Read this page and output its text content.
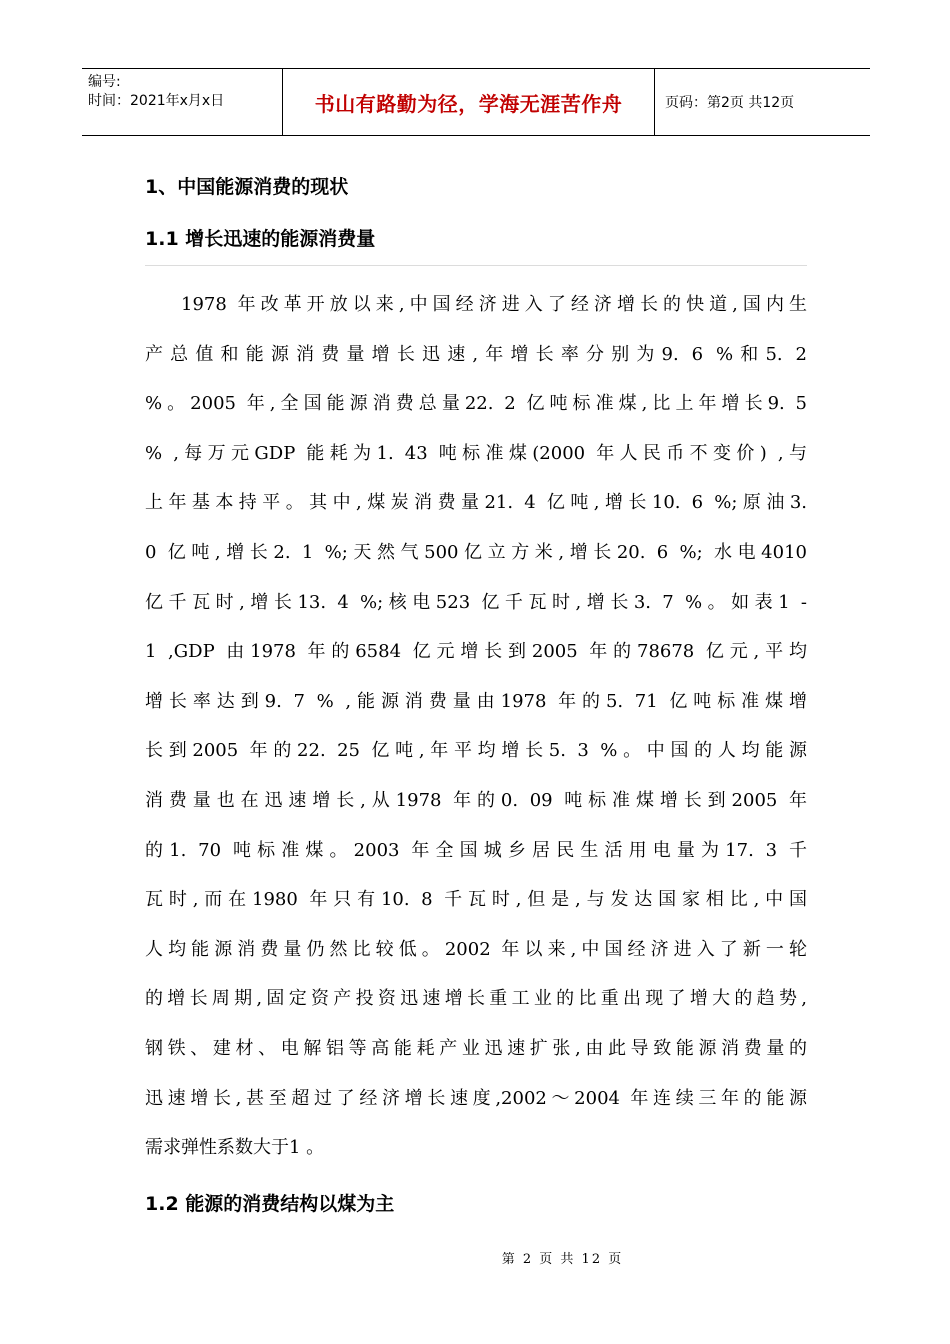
编号:
时间：2021年x月x日	书山有路勤为径，学海无涯苦作舟	页码：第2页 共12页
1、中国能源消费的现状
1.1 增长迅速的能源消费量
1978 年改革开放以来,中国经济进入了经济增长的快道,国内生
产总值和能源消费量增长迅速,年增长率分别为9. 6 %和5. 2
%。2005 年,全国能源消费总量22. 2 亿吨标准煤,比上年增长9. 5
% ,每万元GDP 能耗为1. 43 吨标准煤(2000 年人民币不变价) ,与
上年基本持平。其中,煤炭消费量21. 4 亿吨,增长10. 6 %;原油3.
0 亿吨,增长2. 1 %;天然气500亿立方米,增长20. 6 %; 水电4010
亿千瓦时,增长13. 4 %;核电523 亿千瓦时,增长3. 7 %。如表1 -
1 ,GDP 由1978 年的6584 亿元增长到2005 年的78678 亿元,平均
增长率达到9. 7 % ,能源消费量由1978 年的5. 71 亿吨标准煤增
长到2005 年的22. 25 亿吨,年平均增长5. 3 %。中国的人均能源
消费量也在迅速增长,从1978 年的0. 09 吨标准煤增长到2005 年
的1. 70 吨标准煤。2003 年全国城乡居民生活用电量为17. 3 千
瓦时,而在1980 年只有10. 8 千瓦时,但是,与发达国家相比,中国
人均能源消费量仍然比较低。2002 年以来,中国经济进入了新一轮
的增长周期,固定资产投资迅速增长重工业的比重出现了增大的趋势,
钢铁、建材、电解铝等高能耗产业迅速扩张,由此导致能源消费量的
迅速增长,甚至超过了经济增长速度,2002～2004 年连续三年的能源
需求弹性系数大于1 。
1.2 能源的消费结构以煤为主
第 2 页 共 12 页
